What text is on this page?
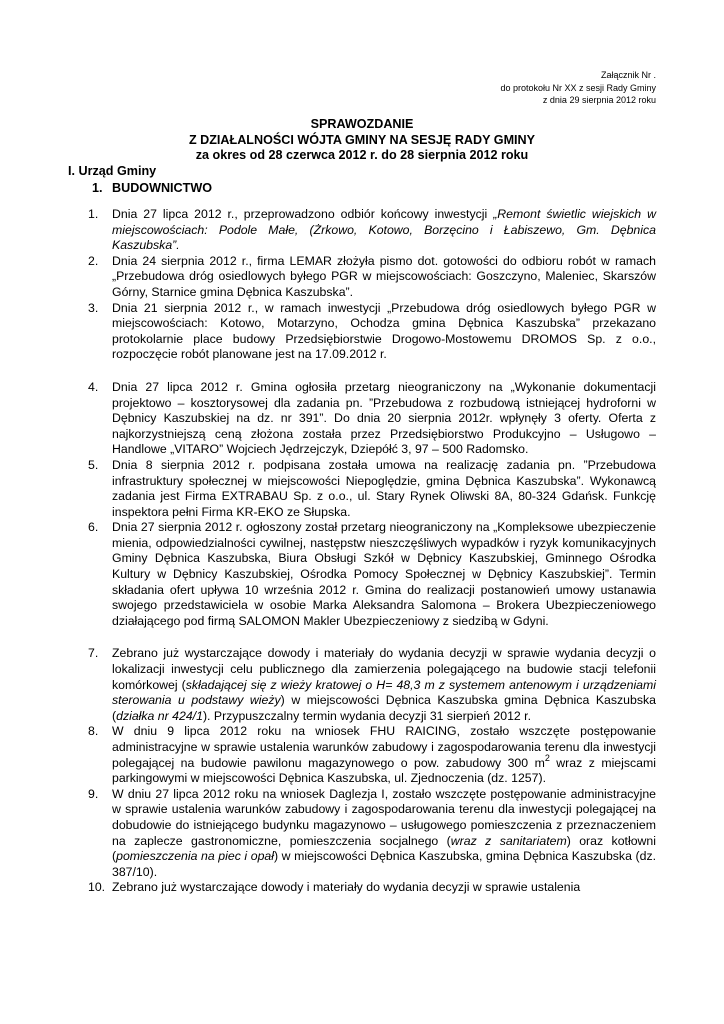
Załącznik Nr .
do protokołu Nr XX z sesji Rady Gminy
z dnia 29 sierpnia 2012 roku
SPRAWOZDANIE
Z DZIAŁALNOŚCI WÓJTA GMINY NA SESJĘ RADY GMINY
za okres od 28 czerwca 2012 r. do 28 sierpnia 2012 roku
I. Urząd Gminy
1. BUDOWNICTWO
1. Dnia 27 lipca 2012 r., przeprowadzono odbiór końcowy inwestycji „Remont świetlic wiejskich w miejscowościach: Podole Małe, (Żrkowo, Kotowo, Borzęcino i Łabiszewo, Gm. Dębnica Kaszubska”.
2. Dnia 24 sierpnia 2012 r., firma LEMAR złożyła pismo dot. gotowości do odbioru robót w ramach „Przebudowa dróg osiedlowych byłego PGR w miejscowościach: Goszczyno, Maleniec, Skarszów Górny, Starnice gmina Dębnica Kaszubska”.
3. Dnia 21 sierpnia 2012 r., w ramach inwestycji „Przebudowa dróg osiedlowych byłego PGR w miejscowościach: Kotowo, Motarzyno, Ochodza gmina Dębnica Kaszubska” przekazano protokolarnie place budowy Przedsiębiorstwie Drogowo-Mostowemu DROMOS Sp. z o.o., rozpoczęcie robót planowane jest na 17.09.2012 r.
4. Dnia 27 lipca 2012 r. Gmina ogłosiła przetarg nieograniczony na „Wykonanie dokumentacji projektowo – kosztorysowej dla zadania pn. ”Przebudowa z rozbudową istniejącej hydroforni w Dębnicy Kaszubskiej na dz. nr 391”. Do dnia 20 sierpnia 2012r. wpłynęły 3 oferty. Oferta z najkorzystniejszą ceną złożona została przez Przedsiębiorstwo Produkcyjno – Usługowo – Handlowe „VITARO” Wojciech Jędrzejczyk, Dziepółć 3, 97 – 500 Radomsko.
5. Dnia 8 sierpnia 2012 r. podpisana została umowa na realizację zadania pn. ”Przebudowa infrastruktury społecznej w miejscowości Niepoględzie, gmina Dębnica Kaszubska”. Wykonawcą zadania jest Firma EXTRABAU Sp. z o.o., ul. Stary Rynek Oliwski 8A, 80-324 Gdańsk. Funkcję inspektora pełni Firma KR-EKO ze Słupska.
6. Dnia 27 sierpnia 2012 r. ogłoszony został przetarg nieograniczony na „Kompleksowe ubezpieczenie mienia, odpowiedzialności cywilnej, następstw nieszczęśliwych wypadków i ryzyk komunikacyjnych Gminy Dębnica Kaszubska, Biura Obsługi Szkół w Dębnicy Kaszubskiej, Gminnego Ośrodka Kultury w Dębnicy Kaszubskiej, Ośrodka Pomocy Społecznej w Dębnicy Kaszubskiej”. Termin składania ofert upływa 10 września 2012 r. Gmina do realizacji postanowień umowy ustanawia swojego przedstawiciela w osobie Marka Aleksandra Salomona – Brokera Ubezpieczeniowego działającego pod firmą SALOMON Makler Ubezpieczeniowy z siedzibą w Gdyni.
7. Zebrano już wystarczające dowody i materiały do wydania decyzji w sprawie wydania decyzji o lokalizacji inwestycji celu publicznego dla zamierzenia polegającego na budowie stacji telefonii komórkowej (składającej się z wieży kratowej o H= 48,3 m z systemem antenowym i urządzeniami sterowania u podstawy wieży) w miejscowości Dębnica Kaszubska gmina Dębnica Kaszubska (działka nr 424/1). Przypuszczalny termin wydania decyzji 31 sierpień 2012 r.
8. W dniu 9 lipca 2012 roku na wniosek FHU RAICING, zostało wszczęte postępowanie administracyjne w sprawie ustalenia warunków zabudowy i zagospodarowania terenu dla inwestycji polegającej na budowie pawilonu magazynowego o pow. zabudowy 300 $m^2$ wraz z miejscami parkingowymi w miejscowości Dębnica Kaszubska, ul. Zjednoczenia (dz. 1257).
9. W dniu 27 lipca 2012 roku na wniosek Daglezja I, zostało wszczęte postępowanie administracyjne w sprawie ustalenia warunków zabudowy i zagospodarowania terenu dla inwestycji polegającej na dobudowie do istniejącego budynku magazynowo – usługowego pomieszczenia z przeznaczeniem na zaplecze gastronomiczne, pomieszczenia socjalnego (wraz z sanitariatem) oraz kotłowni (pomieszczenia na piec i opał) w miejscowości Dębnica Kaszubska, gmina Dębnica Kaszubska (dz. 387/10).
10. Zebrano już wystarczające dowody i materiały do wydania decyzji w sprawie ustalenia
